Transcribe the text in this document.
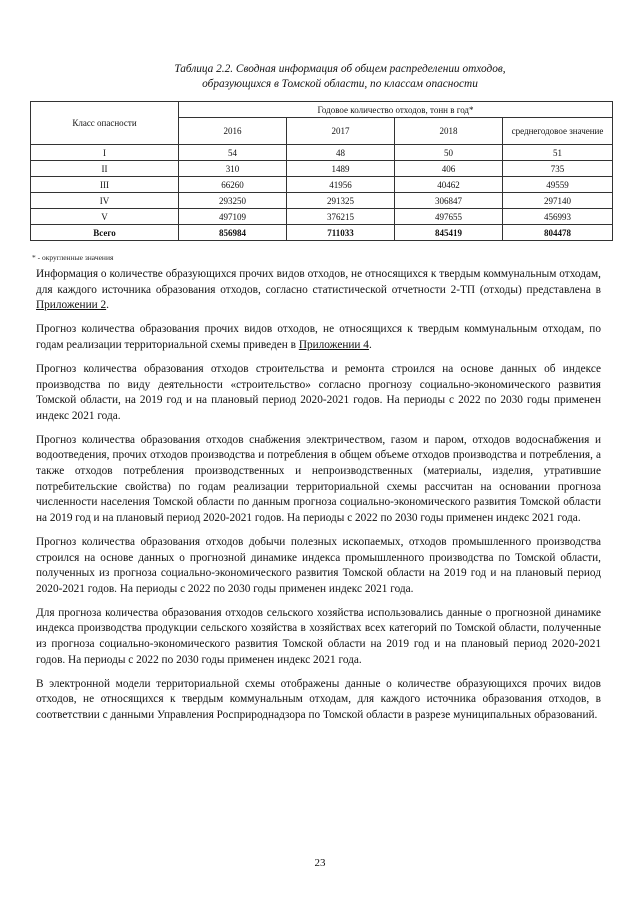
Таблица 2.2. Сводная информация об общем распределении отходов,
образующихся в Томской области, по классам опасности
Класс опасности	Годовое количество отходов, тонн в год*			
	2016	2017	2018	среднегодовое значение
I	54	48	50	51
II	310	1489	406	735
III	66260	41956	40462	49559
IV	293250	291325	306847	297140
V	497109	376215	497655	456993
Всего	856984	711033	845419	804478
* - округленные значения

Информация о количестве образующихся прочих видов отходов, не относящихся к твердым коммунальным отходам, для каждого источника образования отходов, согласно статистической отчетности 2-ТП (отходы) представлена в Приложении 2.

Прогноз количества образования прочих видов отходов, не относящихся к твердым коммунальным отходам, по годам реализации территориальной схемы приведен в Приложении 4.

Прогноз количества образования отходов строительства и ремонта строился на основе данных об индексе производства по виду деятельности «строительство» согласно прогнозу социально-экономического развития Томской области, на 2019 год и на плановый период 2020-2021 годов. На периоды с 2022 по 2030 годы применен индекс 2021 года.

Прогноз количества образования отходов снабжения электричеством, газом и паром, отходов водоснабжения и водоотведения, прочих отходов производства и потребления в общем объеме отходов производства и потребления, а также отходов потребления производственных и непроизводственных (материалы, изделия, утратившие потребительские свойства) по годам реализации территориальной схемы рассчитан на основании прогноза численности населения Томской области по данным прогноза социально-экономического развития Томской области на 2019 год и на плановый период 2020-2021 годов. На периоды с 2022 по 2030 годы применен индекс 2021 года.

Прогноз количества образования отходов добычи полезных ископаемых, отходов промышленного производства строился на основе данных о прогнозной динамике индекса промышленного производства по Томской области, полученных из прогноза социально-экономического развития Томской области на 2019 год и на плановый период 2020-2021 годов. На периоды с 2022 по 2030 годы применен индекс 2021 года.

Для прогноза количества образования отходов сельского хозяйства использовались данные о прогнозной динамике индекса производства продукции сельского хозяйства в хозяйствах всех категорий по Томской области, полученные из прогноза социально-экономического развития Томской области на 2019 год и на плановый период 2020-2021 годов. На периоды с 2022 по 2030 годы применен индекс 2021 года.

В электронной модели территориальной схемы отображены данные о количестве образующихся прочих видов отходов, не относящихся к твердым коммунальным отходам, для каждого источника образования отходов, в соответствии с данными Управления Росприроднадзора по Томской области в разрезе муниципальных образований.

23
